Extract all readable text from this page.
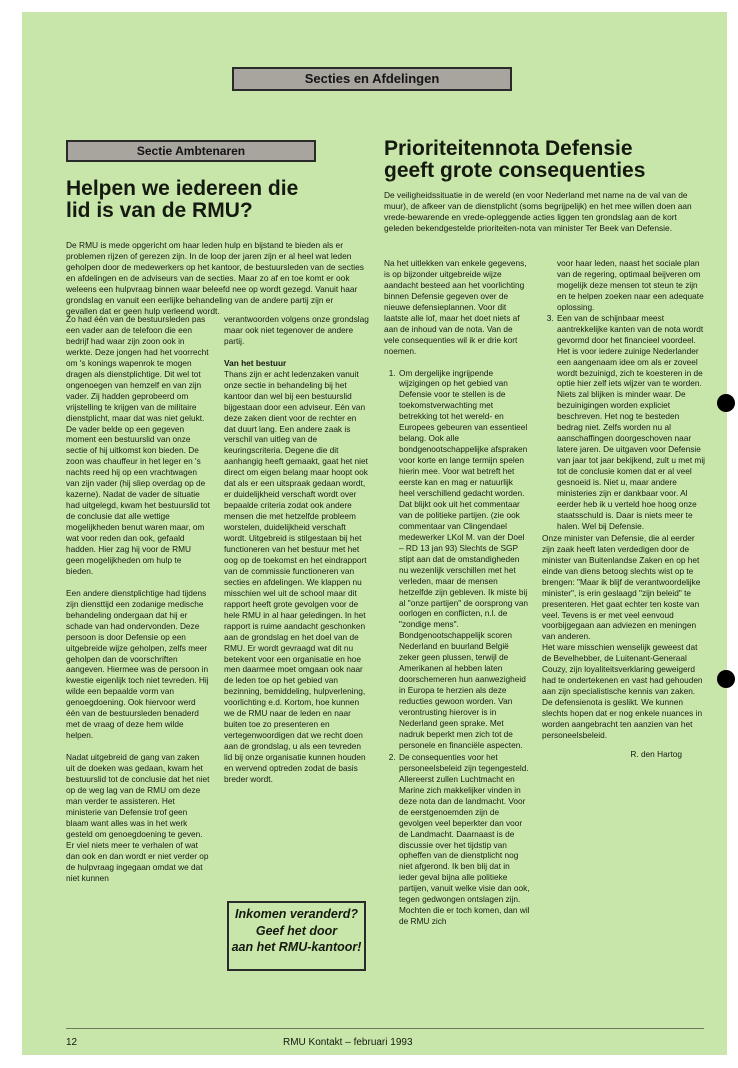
Secties en Afdelingen
Sectie Ambtenaren
Helpen we iedereen die lid is van de RMU?
De RMU is mede opgericht om haar leden hulp en bijstand te bieden als er problemen rijzen of gerezen zijn. In de loop der jaren zijn er al heel wat leden geholpen door de medewerkers op het kantoor, de bestuursleden van de secties en afdelingen en de adviseurs van de secties. Maar zo af en toe komt er ook weleens een hulpvraag binnen waar beleefd nee op wordt gezegd. Vanuit haar grondslag en vanuit een eerlijke behandeling van de andere partij zijn er gevallen dat er geen hulp verleend wordt.

Zo had één van de bestuursleden pas een vader aan de telefoon die een bedrijf had waar zijn zoon ook in werkte. Deze jongen had het voorrecht om 's konings wapenrok te mogen dragen als dienstplichtige. Dit wel tot ongenoegen van hemzelf en van zijn vader. Zij hadden geprobeerd om vrijstelling te krijgen van de militaire dienstplicht, maar dat was niet gelukt. De vader belde op een gegeven moment een bestuurslid van onze sectie of hij uitkomst kon bieden. De zoon was chauffeur in het leger en 's nachts reed hij op een vrachtwagen van zijn vader (hij sliep overdag op de kazerne). Nadat de vader de situatie had uitgelegd, kwam het bestuurslid tot de conclusie dat alle wettige mogelijkheden benut waren maar, om wat voor reden dan ook, gefaald hadden. Hier zag hij voor de RMU geen mogelijkheden om hulp te bieden.

Een andere dienstplichtige had tijdens zijn diensttijd een zodanige medische behandeling ondergaan dat hij er schade van had ondervonden. Deze persoon is door Defensie op een uitgebreide wijze geholpen, zelfs meer geholpen dan de voorschriften aangeven. Hiermee was de persoon in kwestie eigenlijk toch niet tevreden. Hij wilde een bepaalde vorm van genoegdoening. Ook hiervoor werd één van de bestuursleden benaderd met de vraag of deze hem wilde helpen.

Nadat uitgebreid de gang van zaken uit de doeken was gedaan, kwam het bestuurslid tot de conclusie dat het niet op de weg lag van de RMU om deze man verder te assisteren. Het ministerie van Defensie trof geen blaam want alles was in het werk gesteld om genoegdoening te geven. Er viel niets meer te verhalen of wat dan ook en dan wordt er niet verder op de hulpvraag ingegaan omdat we dat niet kunnen

verantwoorden volgens onze grondslag maar ook niet tegenover de andere partij.

Van het bestuur

Thans zijn er acht ledenzaken vanuit onze sectie in behandeling bij het kantoor dan wel bij een bestuurslid bijgestaan door een adviseur. Eén van deze zaken dient voor de rechter en dat duurt lang. Een andere zaak is verschil van uitleg van de keuringscriteria. Degene die dit aanhangig heeft gemaakt, gaat het niet direct om eigen belang maar hoopt ook dat als er een uitspraak gedaan wordt, er duidelijkheid verschaft wordt over bepaalde criteria zodat ook andere mensen die met hetzelfde probleem worstelen, duidelijkheid verschaft wordt. Uitgebreid is stilgestaan bij het functioneren van het bestuur met het oog op de toekomst en het eindrapport van de commissie functioneren van secties en afdelingen. We klappen nu misschien wel uit de school maar dit rapport heeft grote gevolgen voor de hele RMU in al haar geledingen. In het rapport is ruime aandacht geschonken aan de grondslag en het doel van de RMU. Er wordt gevraagd wat dit nu betekent voor een organisatie en hoe men daarmee moet omgaan ook naar de leden toe op het gebied van bezinning, bemiddeling, hulpverlening, voorlichting e.d. Kortom, hoe kunnen we de RMU naar de leden en naar buiten toe zo presenteren en vertegenwoordigen dat we recht doen aan de grondslag, u als een tevreden lid bij onze organisatie kunnen houden en wervend optreden zodat de basis breder wordt.

Inkomen veranderd?
Geef het door
aan het RMU-kantoor!
Prioriteitennota Defensie geeft grote consequenties
De veiligheidssituatie in de wereld (en voor Nederland met name na de val van de muur), de afkeer van de dienstplicht (soms begrijpelijk) en het mee willen doen aan vrede-bewarende en vrede-opleggende acties liggen ten grondslag aan de kort geleden bekendgestelde prioriteiten-nota van minister Ter Beek van Defensie.

Na het uitlekken van enkele gegevens, is op bijzonder uitgebreide wijze aandacht besteed aan het voorlichting binnen Defensie gegeven over de nieuwe defensieplannen. Voor dit laatste alle lof, maar het doet niets af aan de inhoud van de nota. Van de vele consequenties wil ik er drie kort noemen.

1. Om dergelijke ingrijpende wijzigingen op het gebied van Defensie voor te stellen is de toekomstverwachting met betrekking tot het wereld- en Europees gebeuren van essentieel belang. Ook alle bondgenootschappelijke afspraken voor korte en lange termijn spelen hierin mee. Voor wat betreft het eerste kan en mag er natuurlijk heel verschillend gedacht worden. Dat blijkt ook uit het commentaar van de politieke partijen. (zie ook commentaar van Clingendael medewerker LKol M. van der Doel – RD 13 jan 93) Slechts de SGP stipt aan dat de omstandigheden nu wezenlijk verschillen met het verleden, maar de mensen hetzelfde zijn gebleven. Ik miste bij al "onze partijen" de oorsprong van oorlogen en conflicten, n.l. de "zondige mens". Bondgenootschappelijk scoren Nederland en buurland België zeker geen plussen, terwijl de Amerikanen al hebben laten doorschemeren hun aanwezigheid in Europa te herzien als deze reducties gewoon worden. Van verontrusting hierover is in Nederland geen sprake. Met nadruk beperkt men zich tot de personele en financiële aspecten.
2. De consequenties voor het personeelsbeleid zijn tegengesteld. Allereerst zullen Luchtmacht en Marine zich makkelijker vinden in deze nota dan de landmacht. Voor de eerstgenoemden zijn de gevolgen veel beperkter dan voor de Landmacht. Daarnaast is de discussie over het tijdstip van opheffen van de dienstplicht nog niet afgerond. Ik ben blij dat in ieder geval bijna alle politieke partijen, vanuit welke visie dan ook, tegen gedwongen ontslagen zijn. Mochten die er toch komen, dan wil de RMU zich
voor haar leden, naast het sociale plan van de regering, optimaal beijveren om mogelijk deze mensen tot steun te zijn en te helpen zoeken naar een adequate oplossing.
3. Een van de schijnbaar meest aantrekkelijke kanten van de nota wordt gevormd door het financieel voordeel. Het is voor iedere zuinige Nederlander een aangenaam idee om als er zoveel wordt bezuinigd, zich te koesteren in de optie hier zelf iets wijzer van te worden. Niets zal blijken is minder waar. De bezuinigingen worden expliciet beschreven. Het nog te besteden bedrag niet. Zelfs worden nu al aanschaffingen doorgeschoven naar latere jaren. De uitgaven voor Defensie van jaar tot jaar bekijkend, zult u met mij tot de conclusie komen dat er al veel gesnoeid is. Niet u, maar andere ministeries zijn er dankbaar voor. Al eerder heb ik u verteld hoe hoog onze staatsschuld is. Daar is niets meer te halen. Wel bij Defensie.
Onze minister van Defensie, die al eerder zijn zaak heeft laten verdedigen door de minister van Buitenlandse Zaken en op het einde van diens betoog slechts wist op te brengen: "Maar ik blijf de verantwoordelijke minister", is erin geslaagd "zijn beleid" te presenteren. Het gaat echter ten koste van veel. Tevens is er met veel eenvoud voorbijgegaan aan adviezen en meningen van anderen.
Het ware misschien wenselijk geweest dat de Bevelhebber, de Luitenant-Generaal Couzy, zijn loyaliteitsverklaring geweigerd had te ondertekenen en vast had gehouden aan zijn specialistische kennis van zaken. De defensienota is geslikt. We kunnen slechts hopen dat er nog enkele nuances in worden aangebracht ten aanzien van het personeelsbeleid.
R. den Hartog
12	RMU Kontakt – februari 1993
